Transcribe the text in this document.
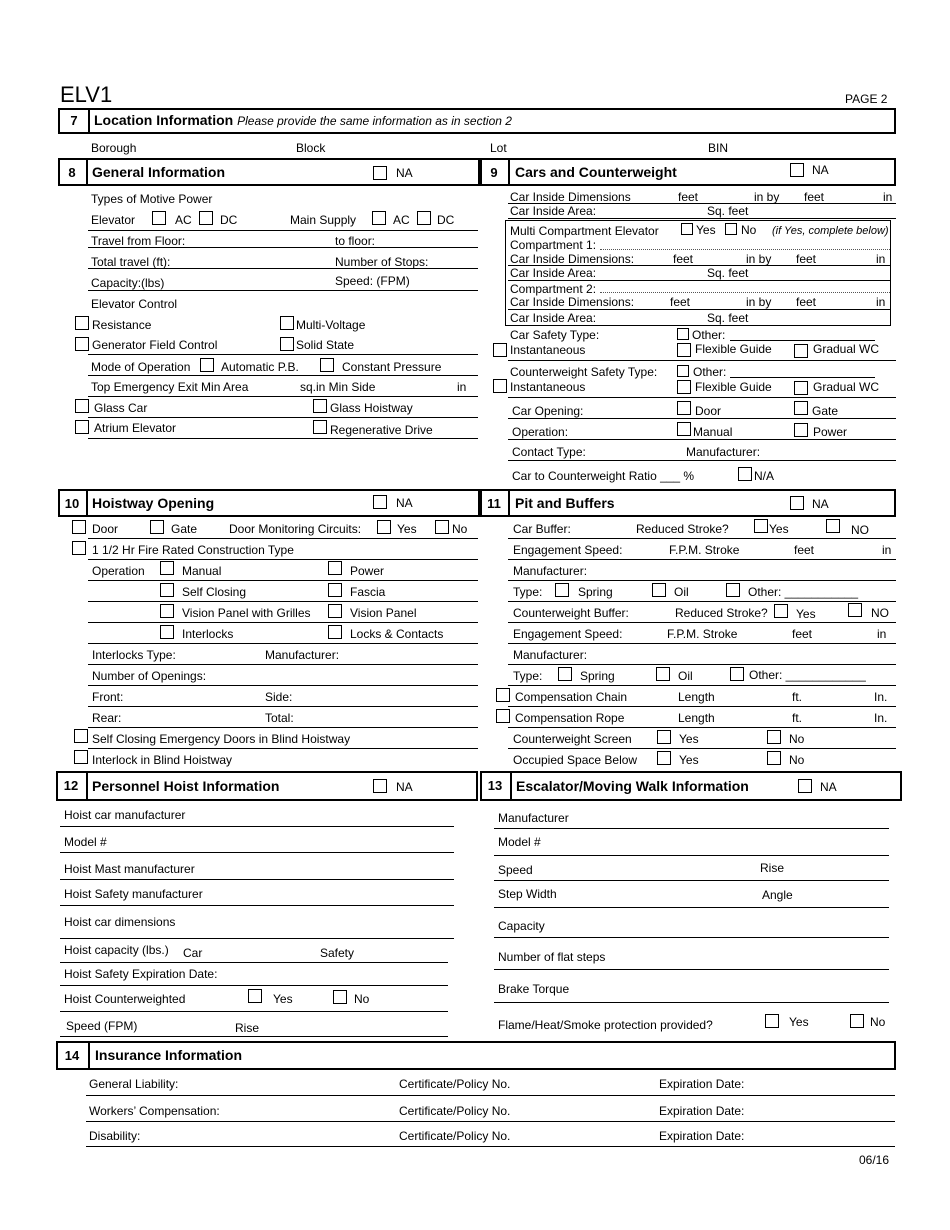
ELV1	PAGE 2
7	Location Information Please provide the same information as in section 2
Borough	Block	Lot	BIN
8	General Information	NA	9	Cars and Counterweight	NA
Types of Motive Power
Elevator	AC DC	Main Supply	AC DC
Travel from Floor:	to floor:
Total travel (ft):	Number of Stops:
Capacity:(lbs)	Speed: (FPM)
Elevator Control
Resistance	Multi-Voltage
Generator Field Control	Solid State
Mode of Operation	Automatic P.B.	Constant Pressure
Top Emergency Exit Min Area	sq.in Min Side	in
Glass Car	Glass Hoistway
Atrium Elevator	Regenerative Drive
Car Inside Dimensions	feet	in by feet	in
Car Inside Area:	Sq. feet
Multi Compartment Elevator	Yes No (if Yes, complete below)
Compartment 1:
Car Inside Dimensions:	feet	in by feet	in
Car Inside Area:	Sq. feet
Compartment 2:
Car Inside Dimensions:	feet	in by feet	in
Car Inside Area:	Sq. feet
Car Safety Type:	Other:
Instantaneous	Flexible Guide	Gradual WC
Counterweight Safety Type:	Other:
Instantaneous	Flexible Guide	Gradual WC
Car Opening:	Door	Gate
Operation:	Manual	Power
Contact Type:	Manufacturer:
Car to Counterweight Ratio ___ %	N/A
10 Hoistway Opening	NA	11	Pit and Buffers	NA
Door	Gate	Door Monitoring Circuits:	Yes	No
1 1/2 Hr Fire Rated Construction Type
Operation	Manual	Power
Self Closing	Fascia
Vision Panel with Grilles	Vision Panel
Interlocks	Locks & Contacts
Interlocks Type:	Manufacturer:
Number of Openings:
Front:	Side:
Rear:	Total:
Self Closing Emergency Doors in Blind Hoistway
Interlock in Blind Hoistway
Car Buffer:	Reduced Stroke?	Yes	NO
Engagement Speed:	F.P.M. Stroke	feet	in
Manufacturer:
Type:	Spring	Oil	Other: ___________
Counterweight Buffer:	Reduced Stroke? Yes	NO
Engagement Speed:	F.P.M. Stroke	feet	in
Manufacturer:
Type:	Spring	Oil	Other: ____________
Compensation Chain	Length	ft.	In.
Compensation Rope	Length	ft.	In.
Counterweight Screen	Yes	No
Occupied Space Below	Yes	No
12 Personnel Hoist Information	NA	13 Escalator/Moving Walk Information	NA
Hoist car manufacturer
Model #
Hoist Mast manufacturer
Hoist Safety manufacturer
Hoist car dimensions
Hoist capacity (lbs.) Car	Safety
Hoist Safety Expiration Date:
Hoist Counterweighted	Yes	No
Speed (FPM)	Rise
Manufacturer
Model #
Speed	Rise
Step Width	Angle
Capacity
Number of flat steps
Brake Torque
Flame/Heat/Smoke protection provided?	Yes	No
14	Insurance Information
General Liability:	Certificate/Policy No.	Expiration Date:
Workers’ Compensation:	Certificate/Policy No.	Expiration Date:
Disability:	Certificate/Policy No.	Expiration Date:
06/16
